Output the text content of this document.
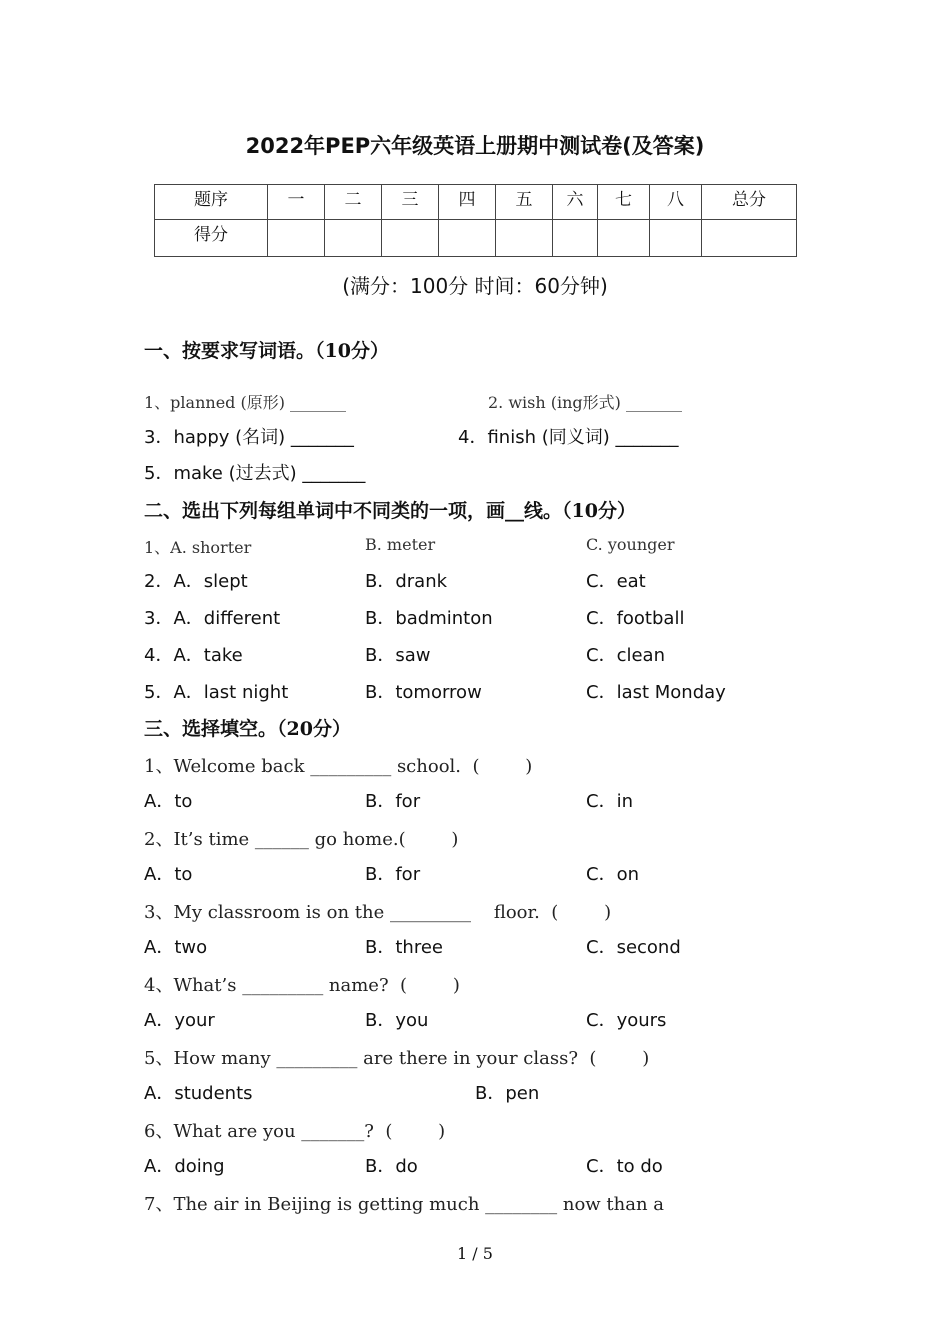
2022年PEP六年级英语上册期中测试卷(及答案)
题序	一	二	三	四	五	六	七	八	总分
得分									
(满分：100分 时间：60分钟)
一、按要求写词语。（10分）
1、planned (原形) _______	2. wish (ing形式) _______
3．happy (名词) _______	4．finish (同义词) _______
5．make (过去式) _______
二、选出下列每组单词中不同类的一项，画__线。（10分）
1、A. shorter	B. meter	C. younger
2．A．slept	B．drank	C．eat
3．A．different	B．badminton	C．football
4．A．take	B．saw	C．clean
5．A．last night	B．tomorrow	C．last Monday
三、选择填空。（20分）
1、Welcome back _________ school.  (        )
A．to	B．for	C．in
2、It’s time ______ go home.(        )
A．to	B．for	C．on
3、My classroom is on the _________    floor.  (        )
A．two	B．three	C．second
4、What’s _________ name?  (        )
A．your	B．you	C．yours
5、How many _________ are there in your class?  (        )
A．students	B．pen
6、What are you _______?  (        )
A．doing	B．do	C．to do
7、The air in Beijing is getting much ________ now than a
1 / 5
